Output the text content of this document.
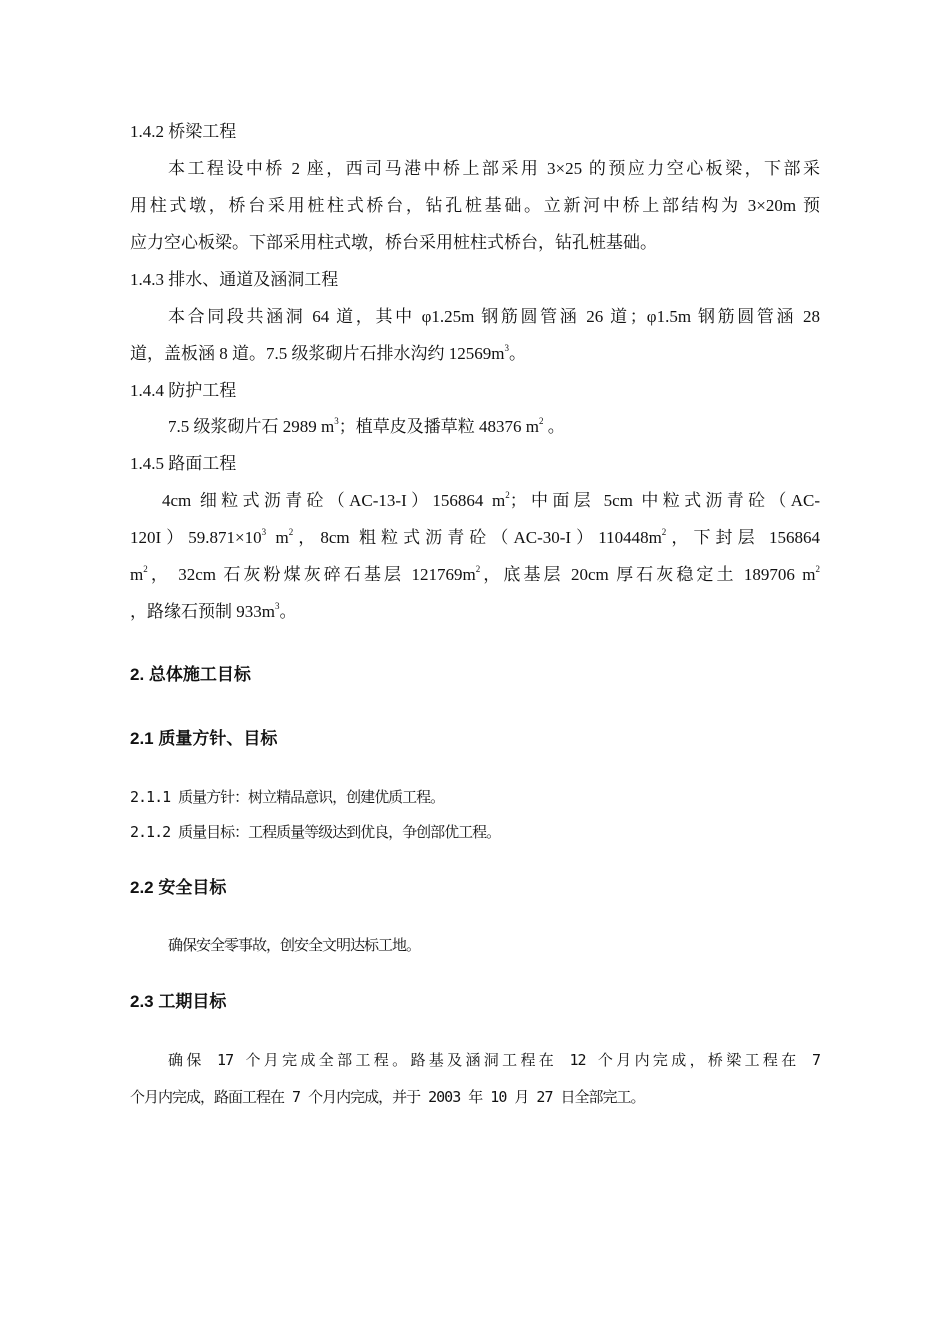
1.4.2 桥梁工程
本工程设中桥 2 座，西司马港中桥上部采用 3×25 的预应力空心板梁，下部采
用柱式墩，桥台采用桩柱式桥台，钻孔桩基础。立新河中桥上部结构为 3×20m 预
应力空心板梁。下部采用柱式墩，桥台采用桩柱式桥台，钻孔桩基础。
1.4.3 排水、通道及涵洞工程
本合同段共涵洞 64 道，其中 φ1.25m 钢筋圆管涵 26 道；φ1.5m 钢筋圆管涵 28
道，盖板涵 8 道。7.5 级浆砌片石排水沟约 $12569m^3$。
1.4.4 防护工程
7.5 级浆砌片石 2989 $m^3$；植草皮及播草粒 48376 $m^2$ 。
1.4.5 路面工程
4cm 细粒式沥青砼（AC-13-I）156864 $m^2$；中面层 5cm 中粒式沥青砼（AC-
$120I)59.871\times 10^3$ $m^2$，8cm 粗粒式沥青砼$(AC-30-I)110448m^2$，下封层 156864
$m^2$， 32cm 石灰粉煤灰碎石基层 $121769m^2$，底基层 20cm 厚石灰稳定土 189706 $m^2$
，路缘石预制 $933m^3$。
2. 总体施工目标
2.1 质量方针、目标
2.1.1 质量方针：树立精品意识，创建优质工程。
2.1.2 质量目标：工程质量等级达到优良，争创部优工程。
2.2 安全目标
确保安全零事故，创安全文明达标工地。
2.3 工期目标
确保 17 个月完成全部工程。路基及涵洞工程在 12 个月内完成，桥梁工程在 7
个月内完成，路面工程在 7 个月内完成，并于 2003 年 10 月 27 日全部完工。
